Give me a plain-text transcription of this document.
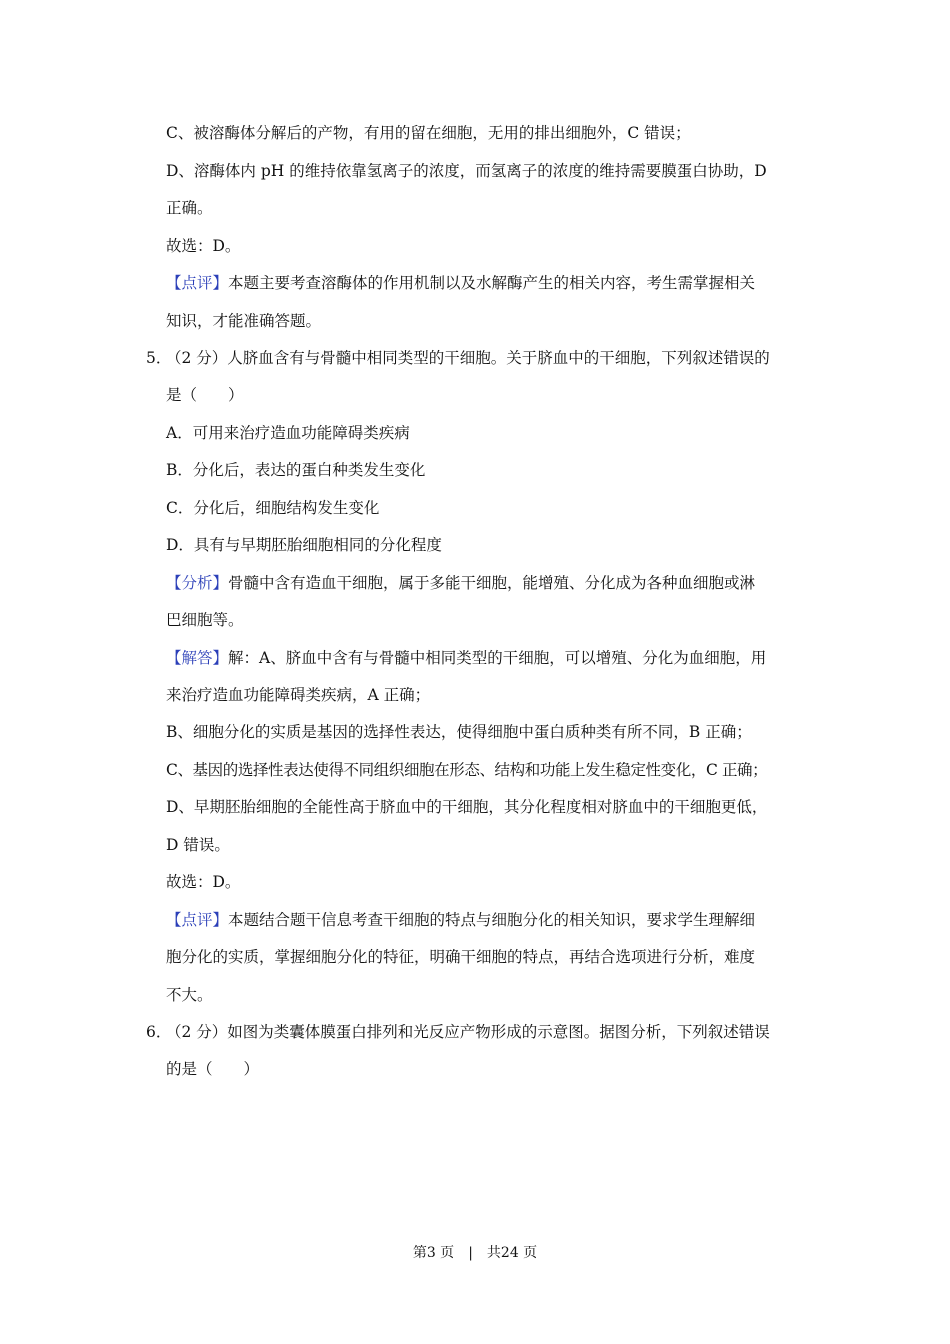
C、被溶酶体分解后的产物，有用的留在细胞，无用的排出细胞外，C 错误；
D、溶酶体内 pH 的维持依靠氢离子的浓度，而氢离子的浓度的维持需要膜蛋白协助，D
正确。
故选：D。
【点评】本题主要考查溶酶体的作用机制以及水解酶产生的相关内容，考生需掌握相关
知识，才能准确答题。
5．
（2 分）人脐血含有与骨髓中相同类型的干细胞。关于脐血中的干细胞，下列叙述错误的
是（　　）
A．可用来治疗造血功能障碍类疾病
B．分化后，表达的蛋白种类发生变化
C．分化后，细胞结构发生变化
D．具有与早期胚胎细胞相同的分化程度
【分析】骨髓中含有造血干细胞，属于多能干细胞，能增殖、分化成为各种血细胞或淋
巴细胞等。
【解答】解：A、脐血中含有与骨髓中相同类型的干细胞，可以增殖、分化为血细胞，用
来治疗造血功能障碍类疾病，A 正确；
B、细胞分化的实质是基因的选择性表达，使得细胞中蛋白质种类有所不同，B 正确；
C、基因的选择性表达使得不同组织细胞在形态、结构和功能上发生稳定性变化，C 正确；
D、早期胚胎细胞的全能性高于脐血中的干细胞，其分化程度相对脐血中的干细胞更低，
D 错误。
故选：D。
【点评】本题结合题干信息考查干细胞的特点与细胞分化的相关知识，要求学生理解细
胞分化的实质，掌握细胞分化的特征，明确干细胞的特点，再结合选项进行分析，难度
不大。
6．
（2 分）如图为类囊体膜蛋白排列和光反应产物形成的示意图。据图分析，下列叙述错误
的是（　　）
第3 页 | 共24 页
